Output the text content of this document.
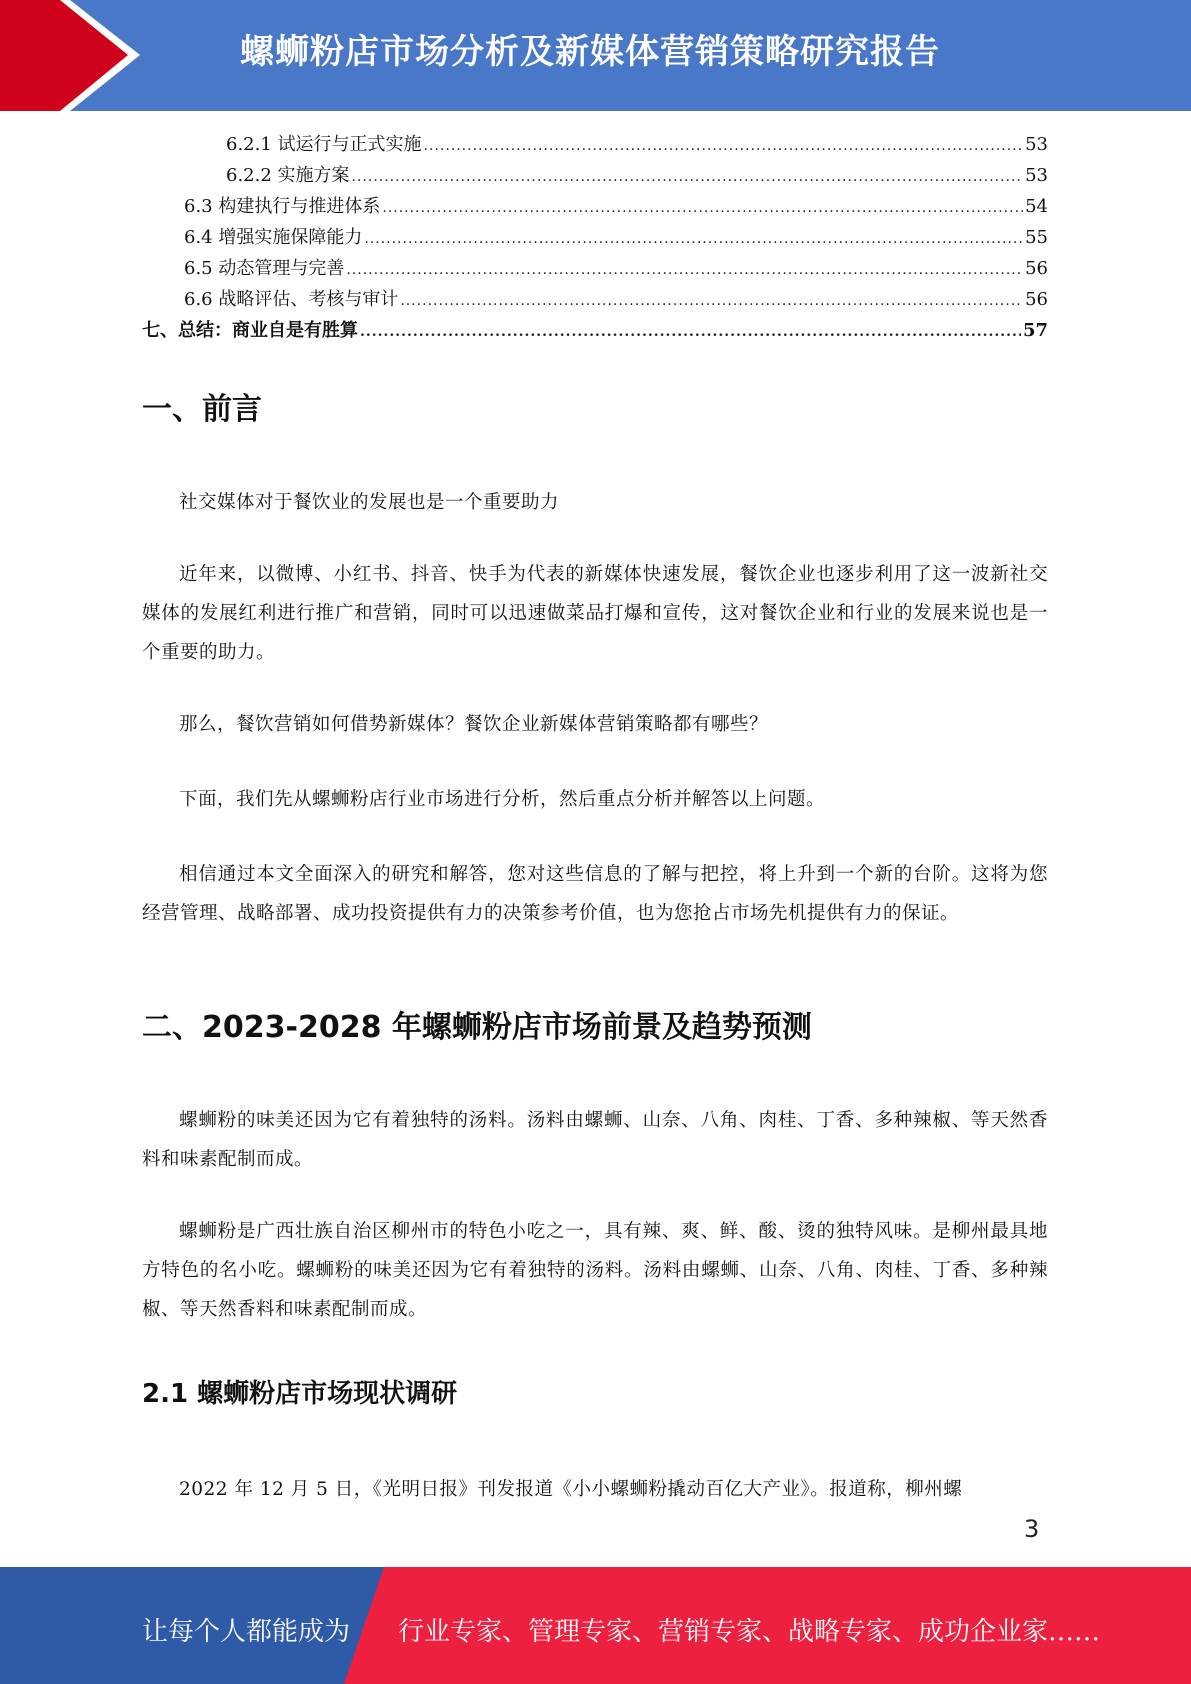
螺蛳粉店市场分析及新媒体营销策略研究报告
6.2.1 试运行与正式实施 .....	53
6.2.2 实施方案 .....	53
6.3 构建执行与推进体系 .....	54
6.4 增强实施保障能力 .....	55
6.5 动态管理与完善 .....	56
6.6 战略评估、考核与审计 .....	56
七、总结：商业自是有胜算 .....	57
一、前言

社交媒体对于餐饮业的发展也是一个重要助力

近年来，以微博、小红书、抖音、快手为代表的新媒体快速发展，餐饮企业也逐步利用了这一波新社交媒体的发展红利进行推广和营销，同时可以迅速做菜品打爆和宣传，这对餐饮企业和行业的发展来说也是一个重要的助力。

那么，餐饮营销如何借势新媒体？餐饮企业新媒体营销策略都有哪些？

下面，我们先从螺蛳粉店行业市场进行分析，然后重点分析并解答以上问题。

相信通过本文全面深入的研究和解答，您对这些信息的了解与把控，将上升到一个新的台阶。这将为您经营管理、战略部署、成功投资提供有力的决策参考价值，也为您抢占市场先机提供有力的保证。

二、2023-2028 年螺蛳粉店市场前景及趋势预测

螺蛳粉的味美还因为它有着独特的汤料。汤料由螺蛳、山奈、八角、肉桂、丁香、多种辣椒、等天然香料和味素配制而成。

螺蛳粉是广西壮族自治区柳州市的特色小吃之一，具有辣、爽、鲜、酸、烫的独特风味。是柳州最具地方特色的名小吃。螺蛳粉的味美还因为它有着独特的汤料。汤料由螺蛳、山奈、八角、肉桂、丁香、多种辣椒、等天然香料和味素配制而成。

2.1 螺蛳粉店市场现状调研

2022 年 12 月 5 日，《光明日报》刊发报道《小小螺蛳粉撬动百亿大产业》。报道称，柳州螺

3
让每个人都能成为 行业专家、管理专家、营销专家、战略专家、成功企业家……
